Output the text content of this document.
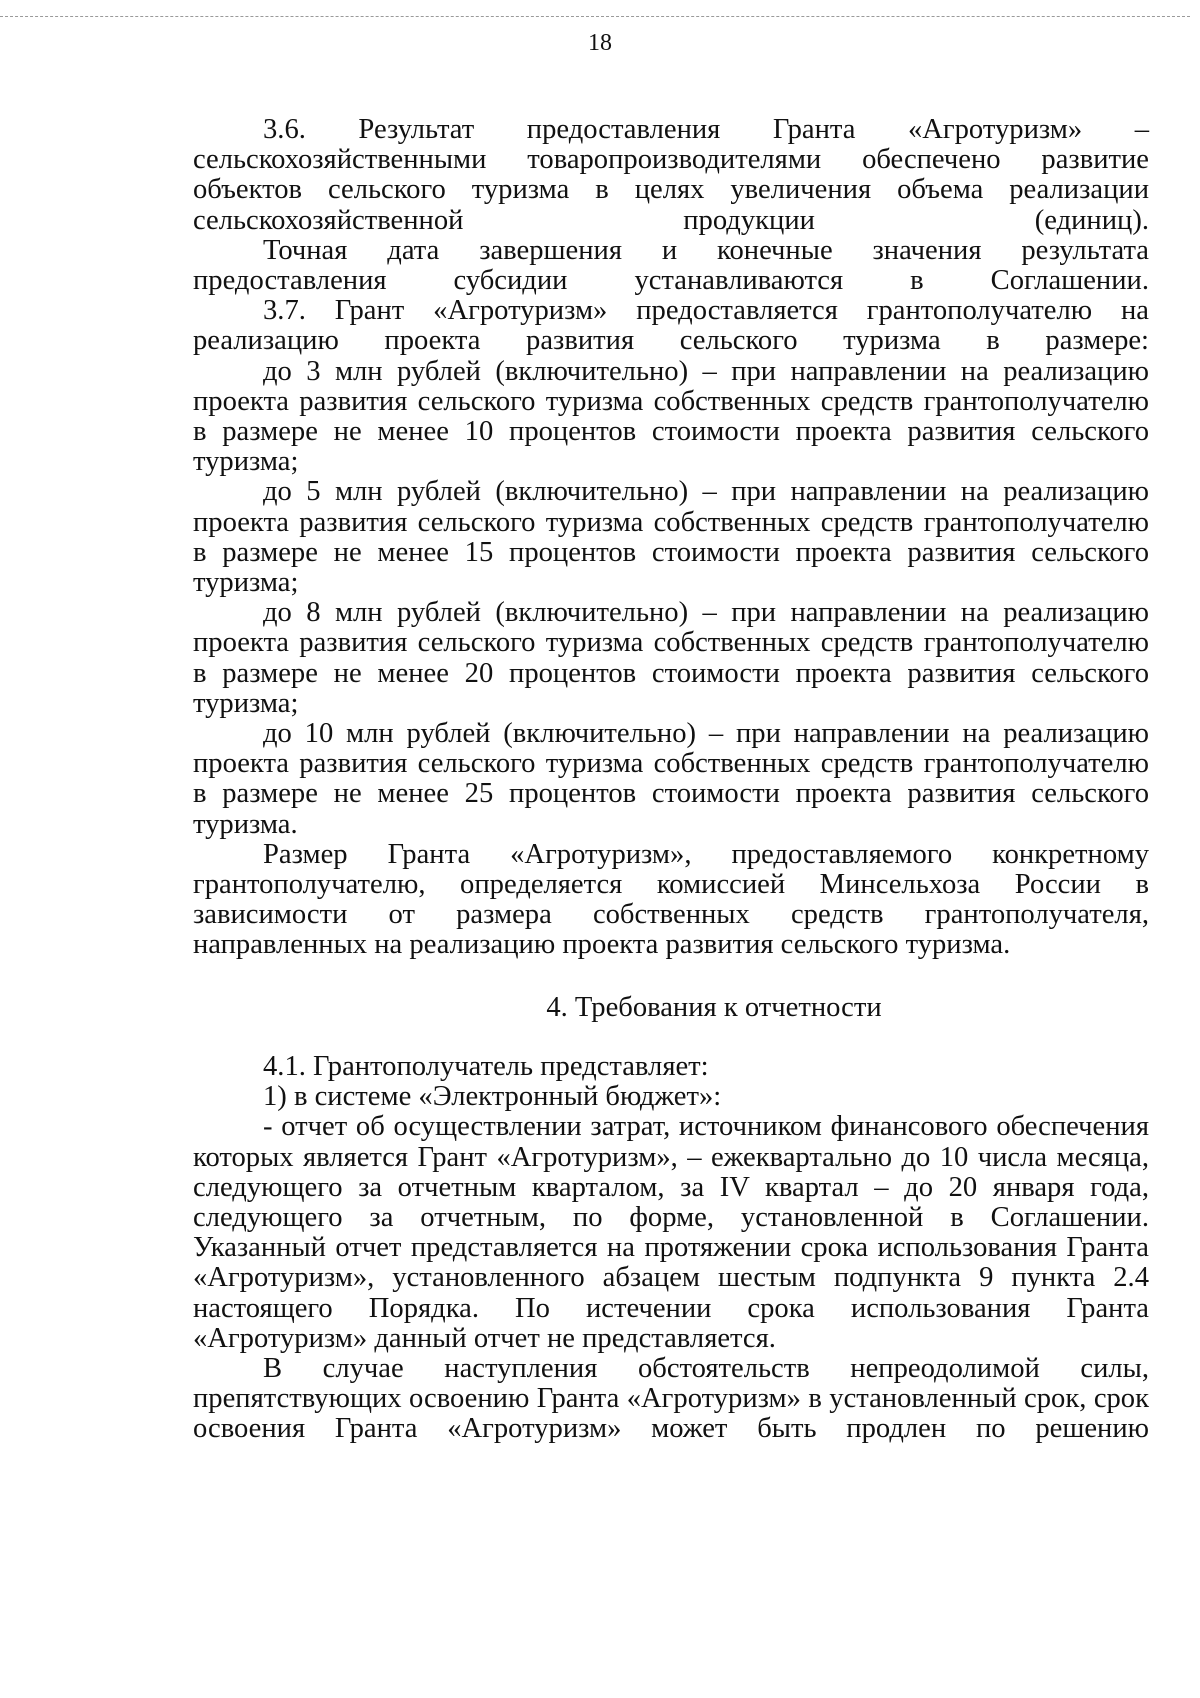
18

3.6. Результат предоставления Гранта «Агротуризм» – сельскохозяйственными товаропроизводителями обеспечено развитие объектов сельского туризма в целях увеличения объема реализации сельскохозяйственной продукции (единиц).

Точная дата завершения и конечные значения результата предоставления субсидии устанавливаются в Соглашении.

3.7. Грант «Агротуризм» предоставляется грантополучателю на реализацию проекта развития сельского туризма в размере:

до 3 млн рублей (включительно) – при направлении на реализацию проекта развития сельского туризма собственных средств грантополучателю в размере не менее 10 процентов стоимости проекта развития сельского туризма;

до 5 млн рублей (включительно) – при направлении на реализацию проекта развития сельского туризма собственных средств грантополучателю в размере не менее 15 процентов стоимости проекта развития сельского туризма;

до 8 млн рублей (включительно) – при направлении на реализацию проекта развития сельского туризма собственных средств грантополучателю в размере не менее 20 процентов стоимости проекта развития сельского туризма;

до 10 млн рублей (включительно) – при направлении на реализацию проекта развития сельского туризма собственных средств грантополучателю в размере не менее 25 процентов стоимости проекта развития сельского туризма.

Размер Гранта «Агротуризм», предоставляемого конкретному грантополучателю, определяется комиссией Минсельхоза России в зависимости от размера собственных средств грантополучателя, направленных на реализацию проекта развития сельского туризма.

4. Требования к отчетности

4.1. Грантополучатель представляет:

1) в системе «Электронный бюджет»:

- отчет об осуществлении затрат, источником финансового обеспечения которых является Грант «Агротуризм», – ежеквартально до 10 числа месяца, следующего за отчетным кварталом, за IV квартал – до 20 января года, следующего за отчетным, по форме, установленной в Соглашении. Указанный отчет представляется на протяжении срока использования Гранта «Агротуризм», установленного абзацем шестым подпункта 9 пункта 2.4 настоящего Порядка. По истечении срока использования Гранта «Агротуризм» данный отчет не представляется.

В случае наступления обстоятельств непреодолимой силы, препятствующих освоению Гранта «Агротуризм» в установленный срок, срок освоения Гранта «Агротуризм» может быть продлен по решению
